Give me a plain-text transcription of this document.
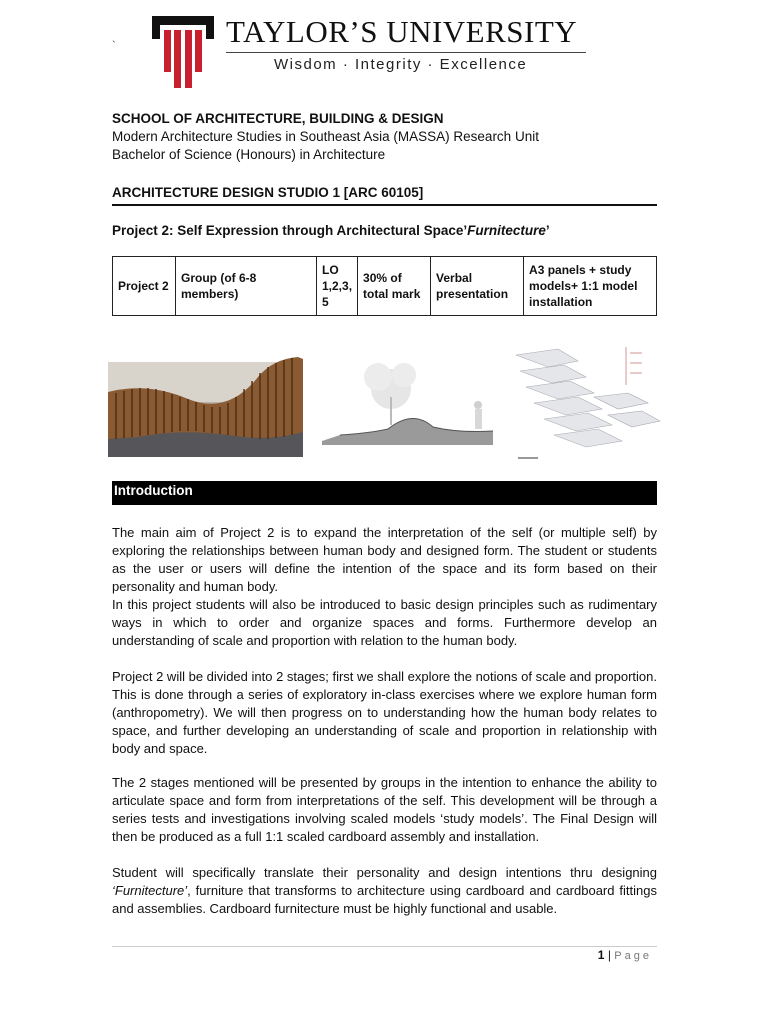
`	TAYLOR’S UNIVERSITY
Wisdom · Integrity · Excellence
SCHOOL OF ARCHITECTURE, BUILDING & DESIGN
Modern Architecture Studies in Southeast Asia (MASSA) Research Unit
Bachelor of Science (Honours) in Architecture
ARCHITECTURE DESIGN STUDIO 1 [ARC 60105]
Project 2: Self Expression through Architectural Space’Furnitecture’
Project 2	Group (of 6-8 members)	LO 1,2,3, 5	30% of total mark	Verbal presentation	A3 panels + study models+ 1:1 model installation
Introduction
The main aim of Project 2 is to expand the interpretation of the self (or multiple self) by exploring the relationships between human body and designed form. The student or students as the user or users will define the intention of the space and its form based on their personality and human body.
In this project students will also be introduced to basic design principles such as rudimentary ways in which to order and organize spaces and forms. Furthermore develop an understanding of scale and proportion with relation to the human body.
Project 2 will be divided into 2 stages; first we shall explore the notions of scale and proportion. This is done through a series of exploratory in-class exercises where we explore human form (anthropometry). We will then progress on to understanding how the human body relates to space, and further developing an understanding of scale and proportion in relationship with body and space.
The 2 stages mentioned will be presented by groups in the intention to enhance the ability to articulate space and form from interpretations of the self. This development will be through a series tests and investigations involving scaled models ‘study models’. The Final Design will then be produced as a full 1:1 scaled cardboard assembly and installation.
Student will specifically translate their personality and design intentions thru designing ‘Furnitecture’, furniture that transforms to architecture using cardboard and cardboard fittings and assemblies. Cardboard furnitecture must be highly functional and usable.
1 | Page
